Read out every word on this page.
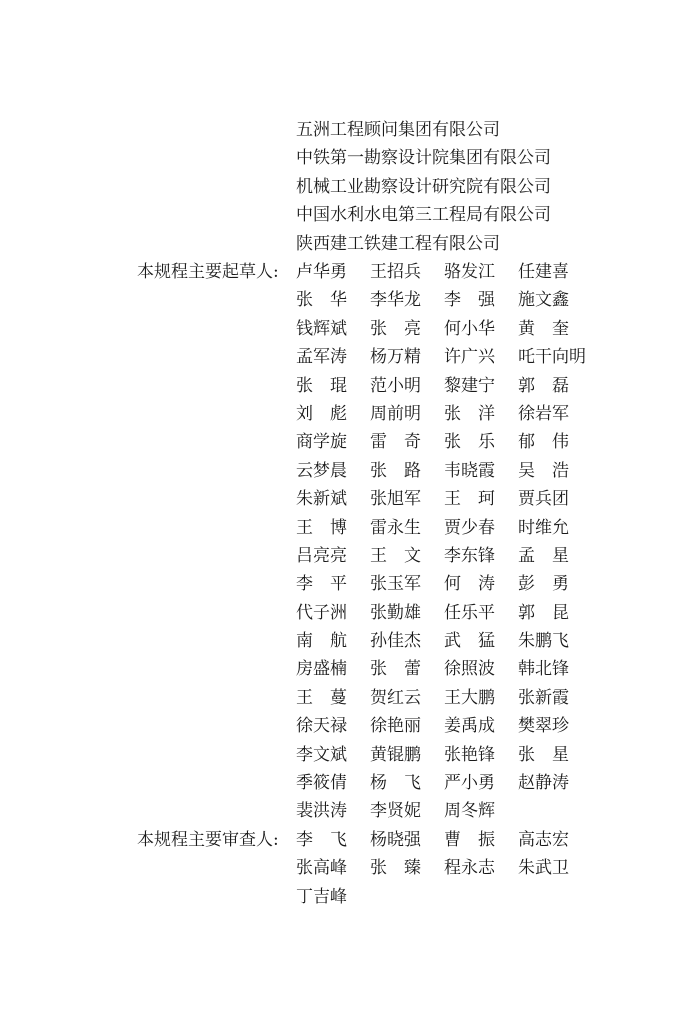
五洲工程顾问集团有限公司
中铁第一勘察设计院集团有限公司
机械工业勘察设计研究院有限公司
中国水利水电第三工程局有限公司
陕西建工铁建工程有限公司
本规程主要起草人:	卢华勇 王招兵 骆发江 任建喜
张华 李华龙 李强 施文鑫
钱辉斌 张亮 何小华 黄奎
孟军涛 杨万精 许广兴 吒干向明
张琨 范小明 黎建宁 郭磊
刘彪 周前明 张洋 徐岩军
商学旋 雷奇 张乐 郁伟
云梦晨 张路 韦晓霞 吴浩
朱新斌 张旭军 王珂 贾兵团
王博 雷永生 贾少春 时维允
吕亮亮 王文 李东锋 孟星
李平 张玉军 何涛 彭勇
代子洲 张勤雄 任乐平 郭昆
南航 孙佳杰 武猛 朱鹏飞
房盛楠 张蕾 徐照波 韩北锋
王蔓 贺红云 王大鹏 张新霞
徐天禄 徐艳丽 姜禹成 樊翠珍
李文斌 黄锟鹏 张艳锋 张星
季筱倩 杨飞 严小勇 赵静涛
裴洪涛 李贤妮 周冬辉
本规程主要审查人:	李飞 杨晓强 曹振 高志宏
张高峰 张臻 程永志 朱武卫
丁吉峰
